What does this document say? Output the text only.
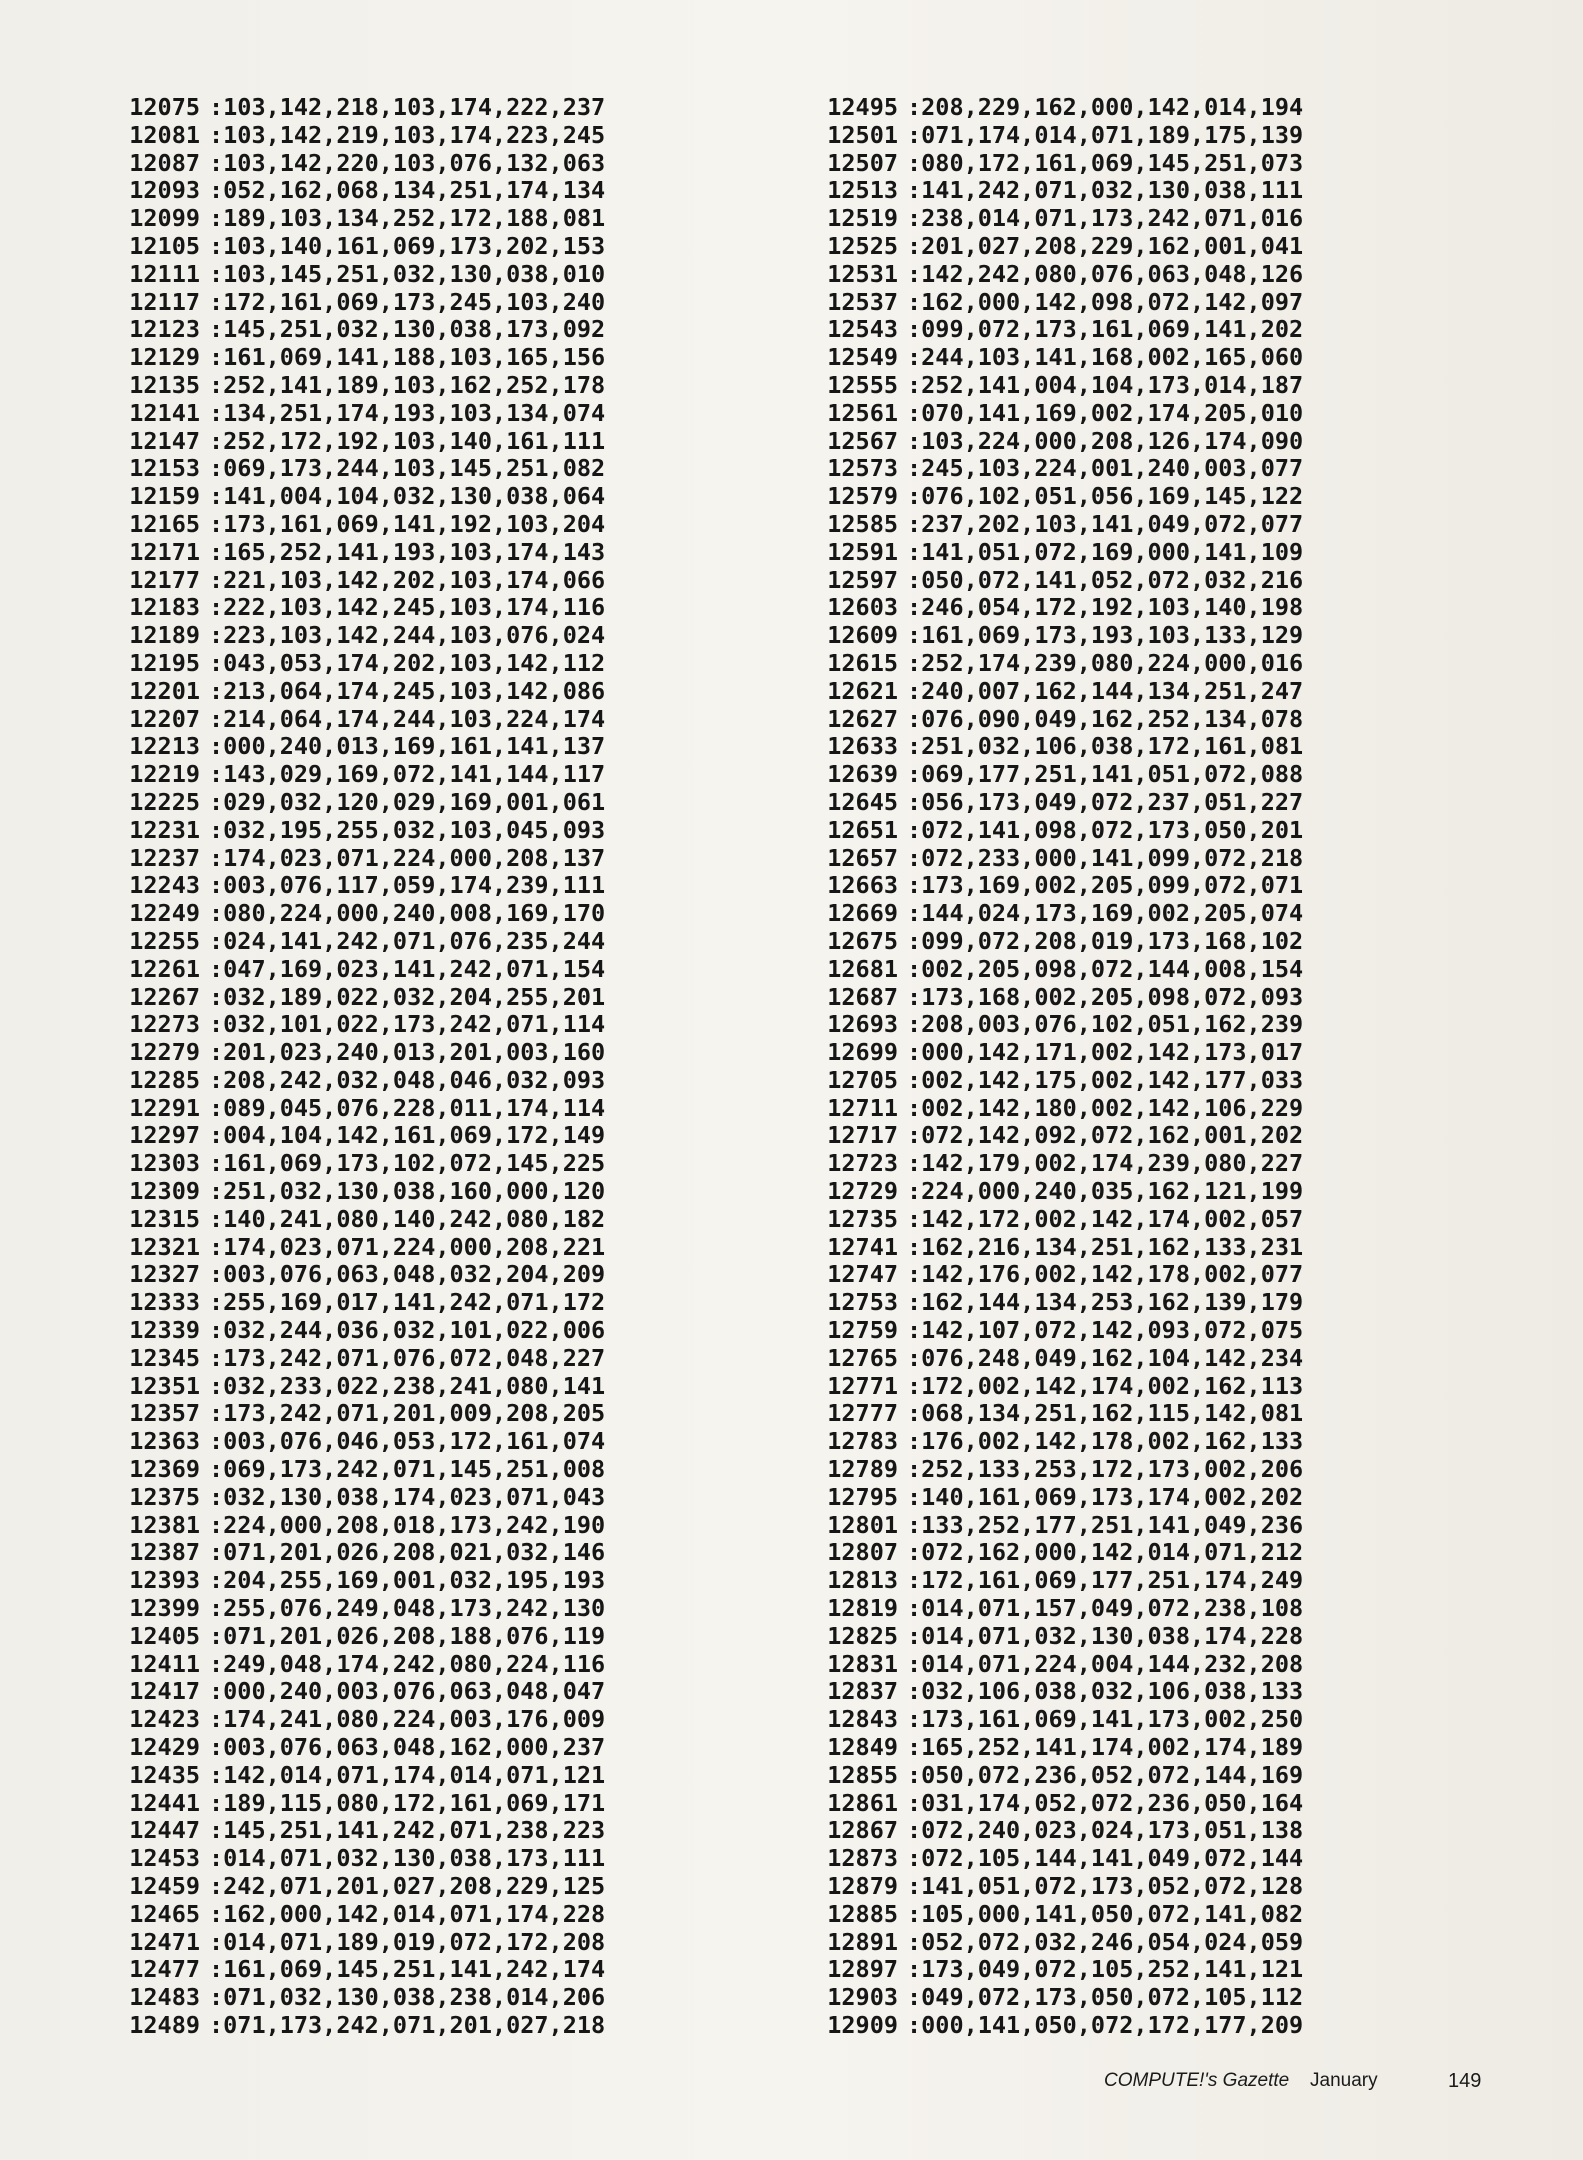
12075 :103,142,218,103,174,222,237
12081 :103,142,219,103,174,223,245
12087 :103,142,220,103,076,132,063
12093 :052,162,068,134,251,174,134
12099 :189,103,134,252,172,188,081
12105 :103,140,161,069,173,202,153
12111 :103,145,251,032,130,038,010
12117 :172,161,069,173,245,103,240
12123 :145,251,032,130,038,173,092
12129 :161,069,141,188,103,165,156
12135 :252,141,189,103,162,252,178
12141 :134,251,174,193,103,134,074
12147 :252,172,192,103,140,161,111
12153 :069,173,244,103,145,251,082
12159 :141,004,104,032,130,038,064
12165 :173,161,069,141,192,103,204
12171 :165,252,141,193,103,174,143
12177 :221,103,142,202,103,174,066
12183 :222,103,142,245,103,174,116
12189 :223,103,142,244,103,076,024
12195 :043,053,174,202,103,142,112
12201 :213,064,174,245,103,142,086
12207 :214,064,174,244,103,224,174
12213 :000,240,013,169,161,141,137
12219 :143,029,169,072,141,144,117
12225 :029,032,120,029,169,001,061
12231 :032,195,255,032,103,045,093
12237 :174,023,071,224,000,208,137
12243 :003,076,117,059,174,239,111
12249 :080,224,000,240,008,169,170
12255 :024,141,242,071,076,235,244
12261 :047,169,023,141,242,071,154
12267 :032,189,022,032,204,255,201
12273 :032,101,022,173,242,071,114
12279 :201,023,240,013,201,003,160
12285 :208,242,032,048,046,032,093
12291 :089,045,076,228,011,174,114
12297 :004,104,142,161,069,172,149
12303 :161,069,173,102,072,145,225
12309 :251,032,130,038,160,000,120
12315 :140,241,080,140,242,080,182
12321 :174,023,071,224,000,208,221
12327 :003,076,063,048,032,204,209
12333 :255,169,017,141,242,071,172
12339 :032,244,036,032,101,022,006
12345 :173,242,071,076,072,048,227
12351 :032,233,022,238,241,080,141
12357 :173,242,071,201,009,208,205
12363 :003,076,046,053,172,161,074
12369 :069,173,242,071,145,251,008
12375 :032,130,038,174,023,071,043
12381 :224,000,208,018,173,242,190
12387 :071,201,026,208,021,032,146
12393 :204,255,169,001,032,195,193
12399 :255,076,249,048,173,242,130
12405 :071,201,026,208,188,076,119
12411 :249,048,174,242,080,224,116
12417 :000,240,003,076,063,048,047
12423 :174,241,080,224,003,176,009
12429 :003,076,063,048,162,000,237
12435 :142,014,071,174,014,071,121
12441 :189,115,080,172,161,069,171
12447 :145,251,141,242,071,238,223
12453 :014,071,032,130,038,173,111
12459 :242,071,201,027,208,229,125
12465 :162,000,142,014,071,174,228
12471 :014,071,189,019,072,172,208
12477 :161,069,145,251,141,242,174
12483 :071,032,130,038,238,014,206
12489 :071,173,242,071,201,027,218
12495 :208,229,162,000,142,014,194
12501 :071,174,014,071,189,175,139
12507 :080,172,161,069,145,251,073
12513 :141,242,071,032,130,038,111
12519 :238,014,071,173,242,071,016
12525 :201,027,208,229,162,001,041
12531 :142,242,080,076,063,048,126
12537 :162,000,142,098,072,142,097
12543 :099,072,173,161,069,141,202
12549 :244,103,141,168,002,165,060
12555 :252,141,004,104,173,014,187
12561 :070,141,169,002,174,205,010
12567 :103,224,000,208,126,174,090
12573 :245,103,224,001,240,003,077
12579 :076,102,051,056,169,145,122
12585 :237,202,103,141,049,072,077
12591 :141,051,072,169,000,141,109
12597 :050,072,141,052,072,032,216
12603 :246,054,172,192,103,140,198
12609 :161,069,173,193,103,133,129
12615 :252,174,239,080,224,000,016
12621 :240,007,162,144,134,251,247
12627 :076,090,049,162,252,134,078
12633 :251,032,106,038,172,161,081
12639 :069,177,251,141,051,072,088
12645 :056,173,049,072,237,051,227
12651 :072,141,098,072,173,050,201
12657 :072,233,000,141,099,072,218
12663 :173,169,002,205,099,072,071
12669 :144,024,173,169,002,205,074
12675 :099,072,208,019,173,168,102
12681 :002,205,098,072,144,008,154
12687 :173,168,002,205,098,072,093
12693 :208,003,076,102,051,162,239
12699 :000,142,171,002,142,173,017
12705 :002,142,175,002,142,177,033
12711 :002,142,180,002,142,106,229
12717 :072,142,092,072,162,001,202
12723 :142,179,002,174,239,080,227
12729 :224,000,240,035,162,121,199
12735 :142,172,002,142,174,002,057
12741 :162,216,134,251,162,133,231
12747 :142,176,002,142,178,002,077
12753 :162,144,134,253,162,139,179
12759 :142,107,072,142,093,072,075
12765 :076,248,049,162,104,142,234
12771 :172,002,142,174,002,162,113
12777 :068,134,251,162,115,142,081
12783 :176,002,142,178,002,162,133
12789 :252,133,253,172,173,002,206
12795 :140,161,069,173,174,002,202
12801 :133,252,177,251,141,049,236
12807 :072,162,000,142,014,071,212
12813 :172,161,069,177,251,174,249
12819 :014,071,157,049,072,238,108
12825 :014,071,032,130,038,174,228
12831 :014,071,224,004,144,232,208
12837 :032,106,038,032,106,038,133
12843 :173,161,069,141,173,002,250
12849 :165,252,141,174,002,174,189
12855 :050,072,236,052,072,144,169
12861 :031,174,052,072,236,050,164
12867 :072,240,023,024,173,051,138
12873 :072,105,144,141,049,072,144
12879 :141,051,072,173,052,072,128
12885 :105,000,141,050,072,141,082
12891 :052,072,032,246,054,024,059
12897 :173,049,072,105,252,141,121
12903 :049,072,173,050,072,105,112
12909 :000,141,050,072,172,177,209
COMPUTE!'s Gazette January	149
